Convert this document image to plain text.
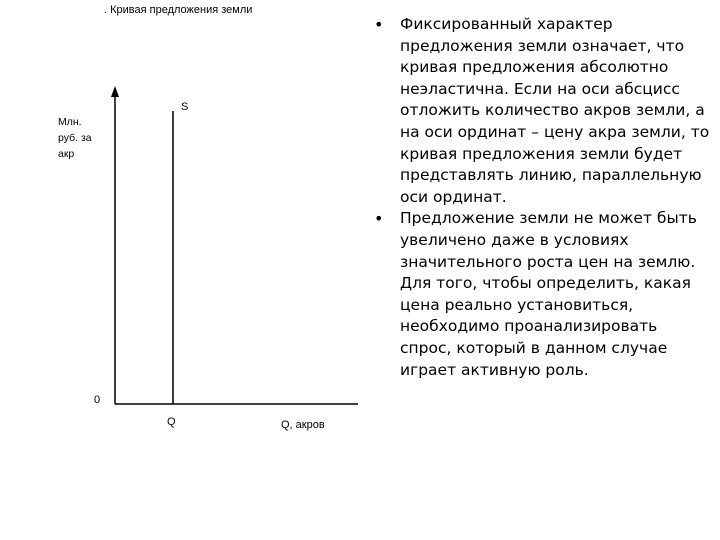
. Кривая предложения земли
Млн.
руб. за
акр
S
0
Q	Q, акров
•	Фиксированный характер предложения земли означает, что кривая предложения абсолютно неэластична. Если на оси абсцисс отложить количество акров земли, а на оси ординат – цену акра земли, то кривая предложения земли будет представлять линию, параллельную оси ординат.
•	Предложение земли не может быть увеличено даже в условиях значительного роста цен на землю. Для того, чтобы определить, какая цена реально установиться, необходимо проанализировать спрос, который в данном случае играет активную роль.
